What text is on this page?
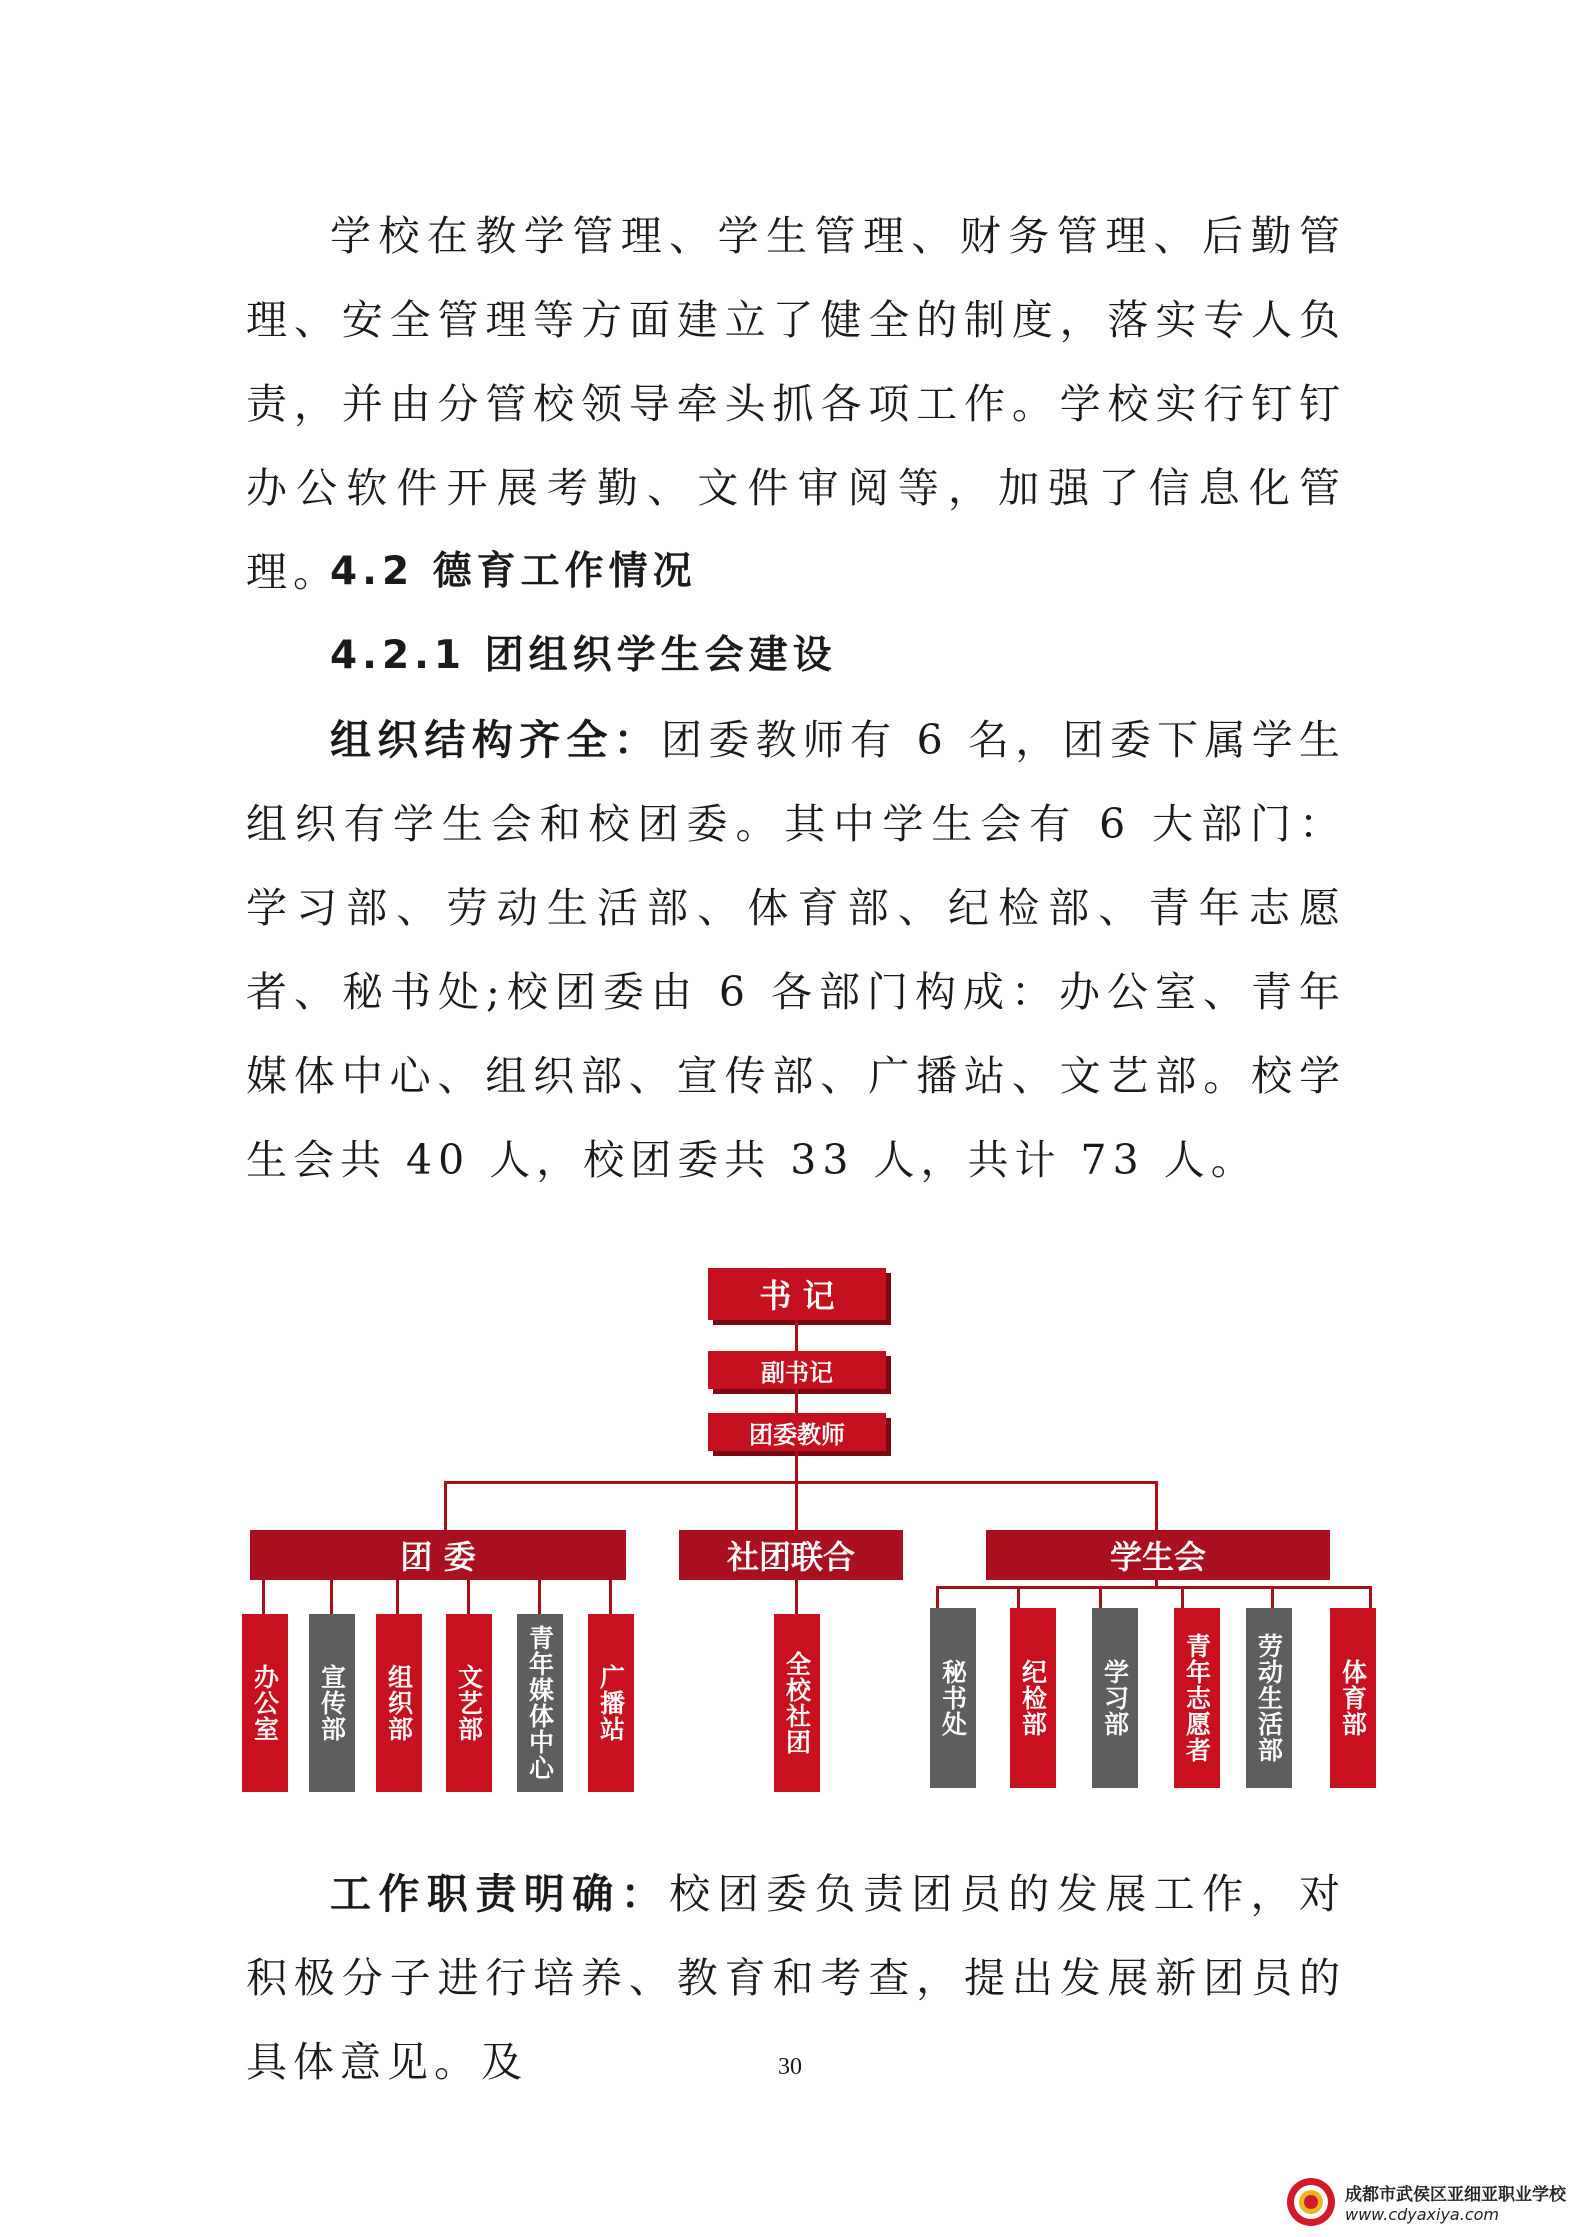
学校在教学管理、学生管理、财务管理、后勤管理、安全管理等方面建立了健全的制度，落实专人负责，并由分管校领导牵头抓各项工作。学校实行钉钉办公软件开展考勤、文件审阅等，加强了信息化管理。

4.2 德育工作情况

4.2.1 团组织学生会建设

组织结构齐全：团委教师有 6 名，团委下属学生组织有学生会和校团委。其中学生会有 6 大部门：学习部、劳动生活部、体育部、纪检部、青年志愿者、秘书处;校团委由 6 各部门构成：办公室、青年媒体中心、组织部、宣传部、广播站、文艺部。校学生会共 40 人，校团委共 33 人，共计 73 人。

书 记
副书记
团委教师
团 委	社团联合	学生会
办公室	宣传部	组织部	文艺部	青年媒体中心	广播站	全校社团	秘书处	纪检部	学习部	青年志愿者	劳动生活部	体育部

工作职责明确：校团委负责团员的发展工作，对积极分子进行培养、教育和考查，提出发展新团员的具体意见。及	30
成都市武侯区亚细亚职业学校
www.cdyaxiya.com
